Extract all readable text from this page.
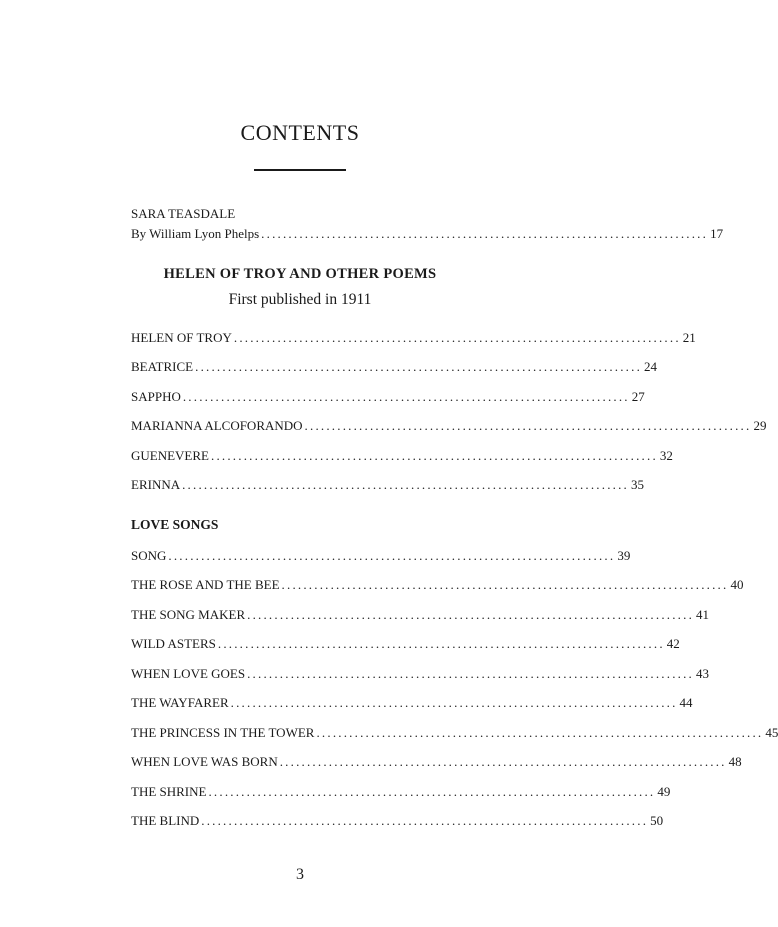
CONTENTS
SARA TEASDALE
By William Lyon Phelps .................................................................................. 17
HELEN OF TROY AND OTHER POEMS
First published in 1911
HELEN OF TROY .................................................................................. 21
BEATRICE .................................................................................. 24
SAPPHO .................................................................................. 27
MARIANNA ALCOFORANDO .................................................................................. 29
GUENEVERE .................................................................................. 32
ERINNA .................................................................................. 35
LOVE SONGS
SONG .................................................................................. 39
THE ROSE AND THE BEE .................................................................................. 40
THE SONG MAKER .................................................................................. 41
WILD ASTERS .................................................................................. 42
WHEN LOVE GOES .................................................................................. 43
THE WAYFARER .................................................................................. 44
THE PRINCESS IN THE TOWER .................................................................................. 45
WHEN LOVE WAS BORN .................................................................................. 48
THE SHRINE .................................................................................. 49
THE BLIND .................................................................................. 50
3
